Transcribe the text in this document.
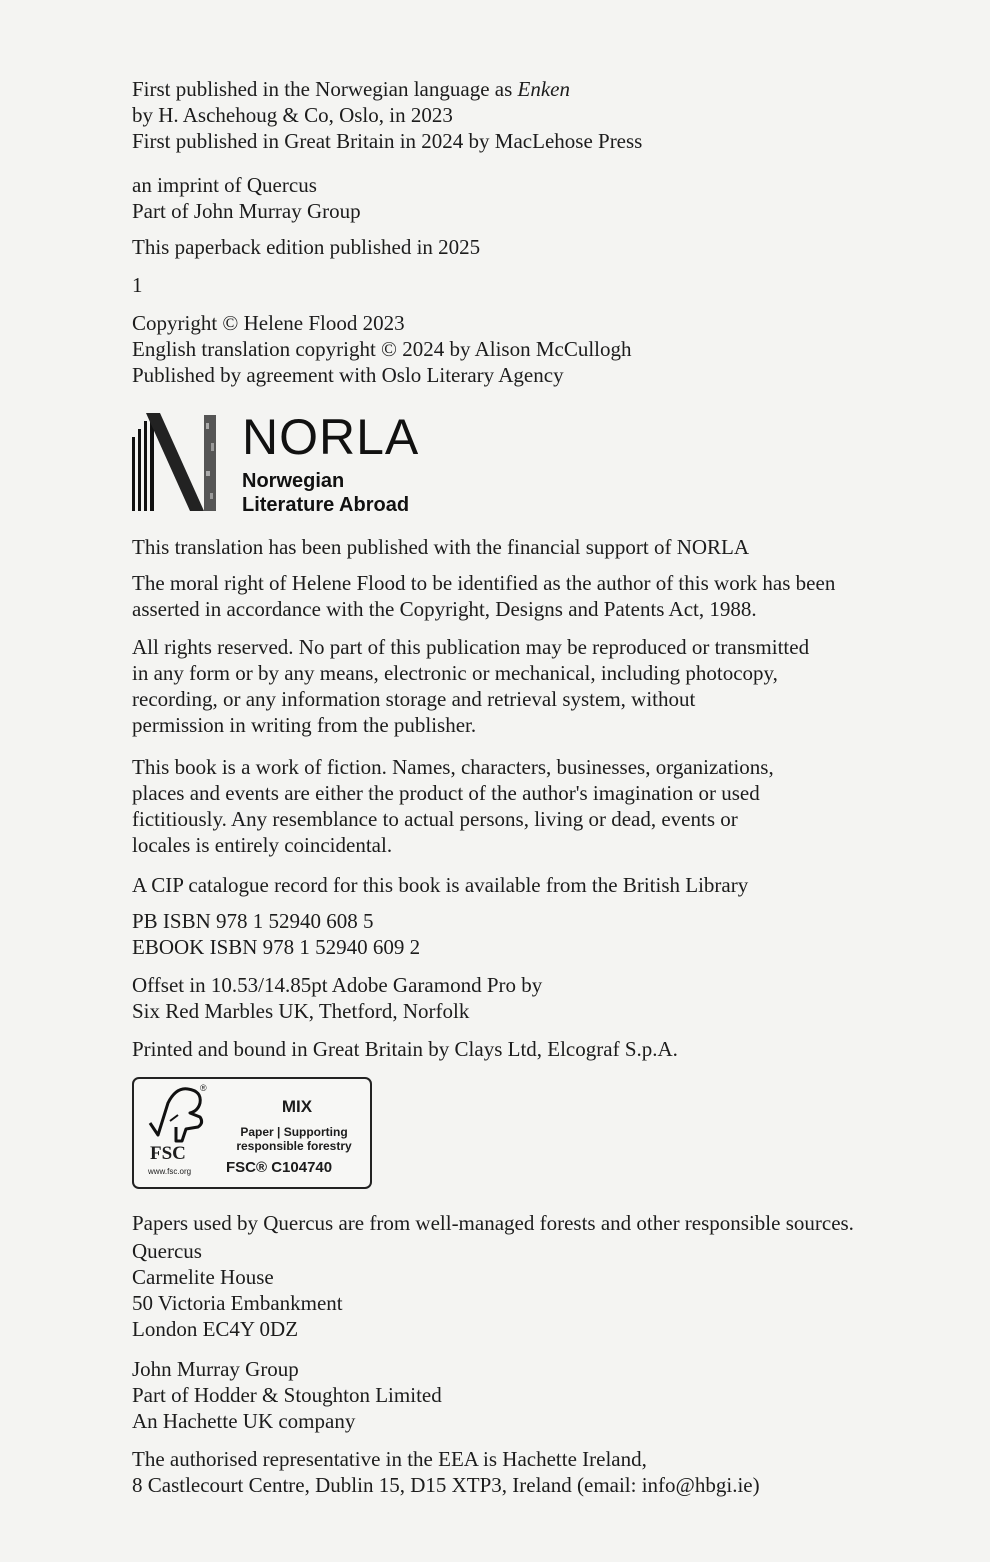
First published in the Norwegian language as Enken
by H. Aschehoug & Co, Oslo, in 2023
First published in Great Britain in 2024 by MacLehose Press
an imprint of Quercus
Part of John Murray Group
This paperback edition published in 2025
1
Copyright © Helene Flood 2023
English translation copyright © 2024 by Alison McCullogh
Published by agreement with Oslo Literary Agency
NORLA
Norwegian
Literature Abroad
This translation has been published with the financial support of NORLA
The moral right of Helene Flood to be identified as the author of this work has been
asserted in accordance with the Copyright, Designs and Patents Act, 1988.
All rights reserved. No part of this publication may be reproduced or transmitted
in any form or by any means, electronic or mechanical, including photocopy,
recording, or any information storage and retrieval system, without
permission in writing from the publisher.
This book is a work of fiction. Names, characters, businesses, organizations,
places and events are either the product of the author's imagination or used
fictitiously. Any resemblance to actual persons, living or dead, events or
locales is entirely coincidental.
A CIP catalogue record for this book is available from the British Library
PB ISBN 978 1 52940 608 5
EBOOK ISBN 978 1 52940 609 2
Offset in 10.53/14.85pt Adobe Garamond Pro by
Six Red Marbles UK, Thetford, Norfolk
Printed and bound in Great Britain by Clays Ltd, Elcograf S.p.A.
®
FSC
www.fsc.org
MIX
Paper | Supporting
responsible forestry
FSC® C104740
Papers used by Quercus are from well-managed forests and other responsible sources.
Quercus
Carmelite House
50 Victoria Embankment
London EC4Y 0DZ
John Murray Group
Part of Hodder & Stoughton Limited
An Hachette UK company
The authorised representative in the EEA is Hachette Ireland,
8 Castlecourt Centre, Dublin 15, D15 XTP3, Ireland (email: info@hbgi.ie)
